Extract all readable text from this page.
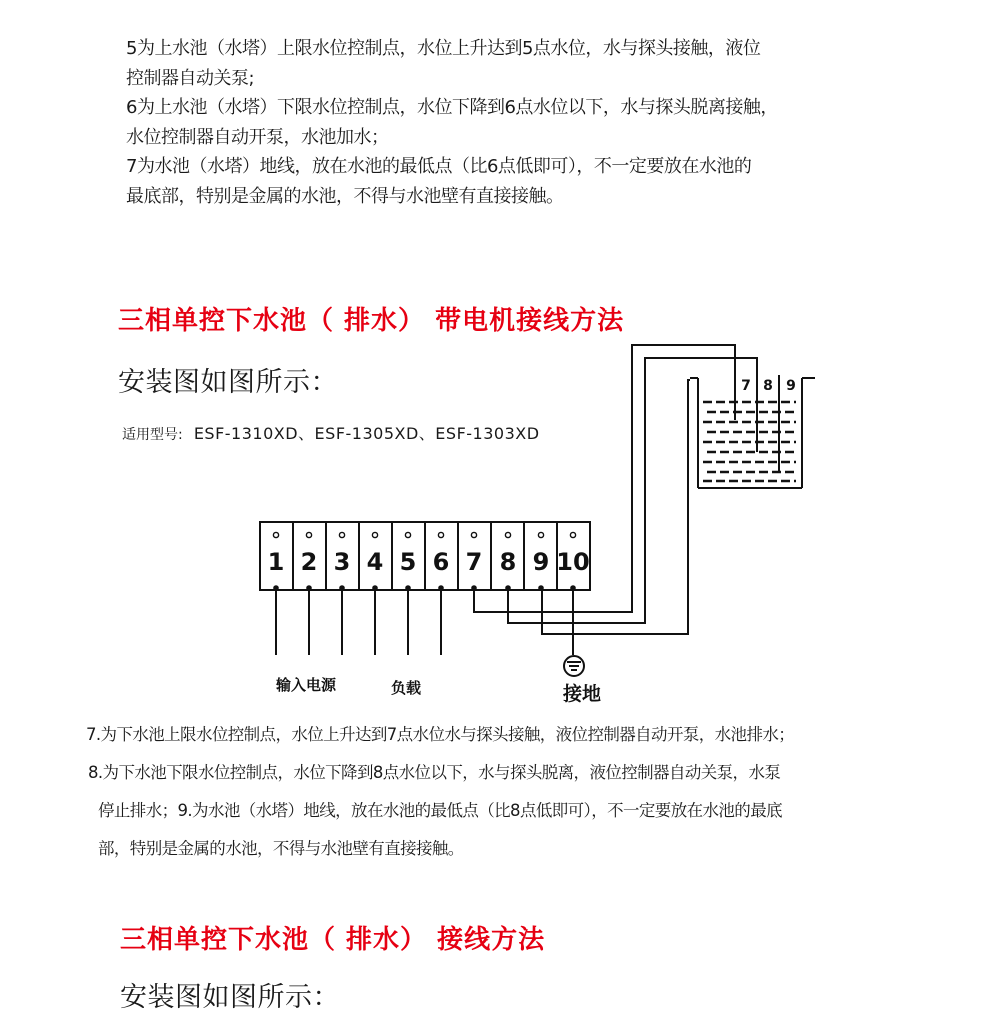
5为上水池（水塔）上限水位控制点，水位上升达到5点水位，水与探头接触，液位
控制器自动关泵;
6为上水池（水塔）下限水位控制点，水位下降到6点水位以下，水与探头脱离接触，
水位控制器自动开泵，水池加水；
7为水池（水塔）地线，放在水池的最低点（比6点低即可），不一定要放在水池的
最底部，特别是金属的水池，不得与水池壁有直接接触。
三相单控下水池（ 排水） 带电机接线方法
安装图如图所示：
适用型号: ESF-1310XD、ESF-1305XD、ESF-1303XD
1 2 3 4 5 6 7 8 9 10
7 8 9
输入电源	负载	接地
7.为下水池上限水位控制点，水位上升达到7点水位水与探头接触，液位控制器自动开泵，水池排水；
8.为下水池下限水位控制点，水位下降到8点水位以下，水与探头脱离，液位控制器自动关泵，水泵
停止排水；9.为水池（水塔）地线，放在水池的最低点（比8点低即可），不一定要放在水池的最底
部，特别是金属的水池，不得与水池壁有直接接触。
三相单控下水池（ 排水） 接线方法
安装图如图所示：
